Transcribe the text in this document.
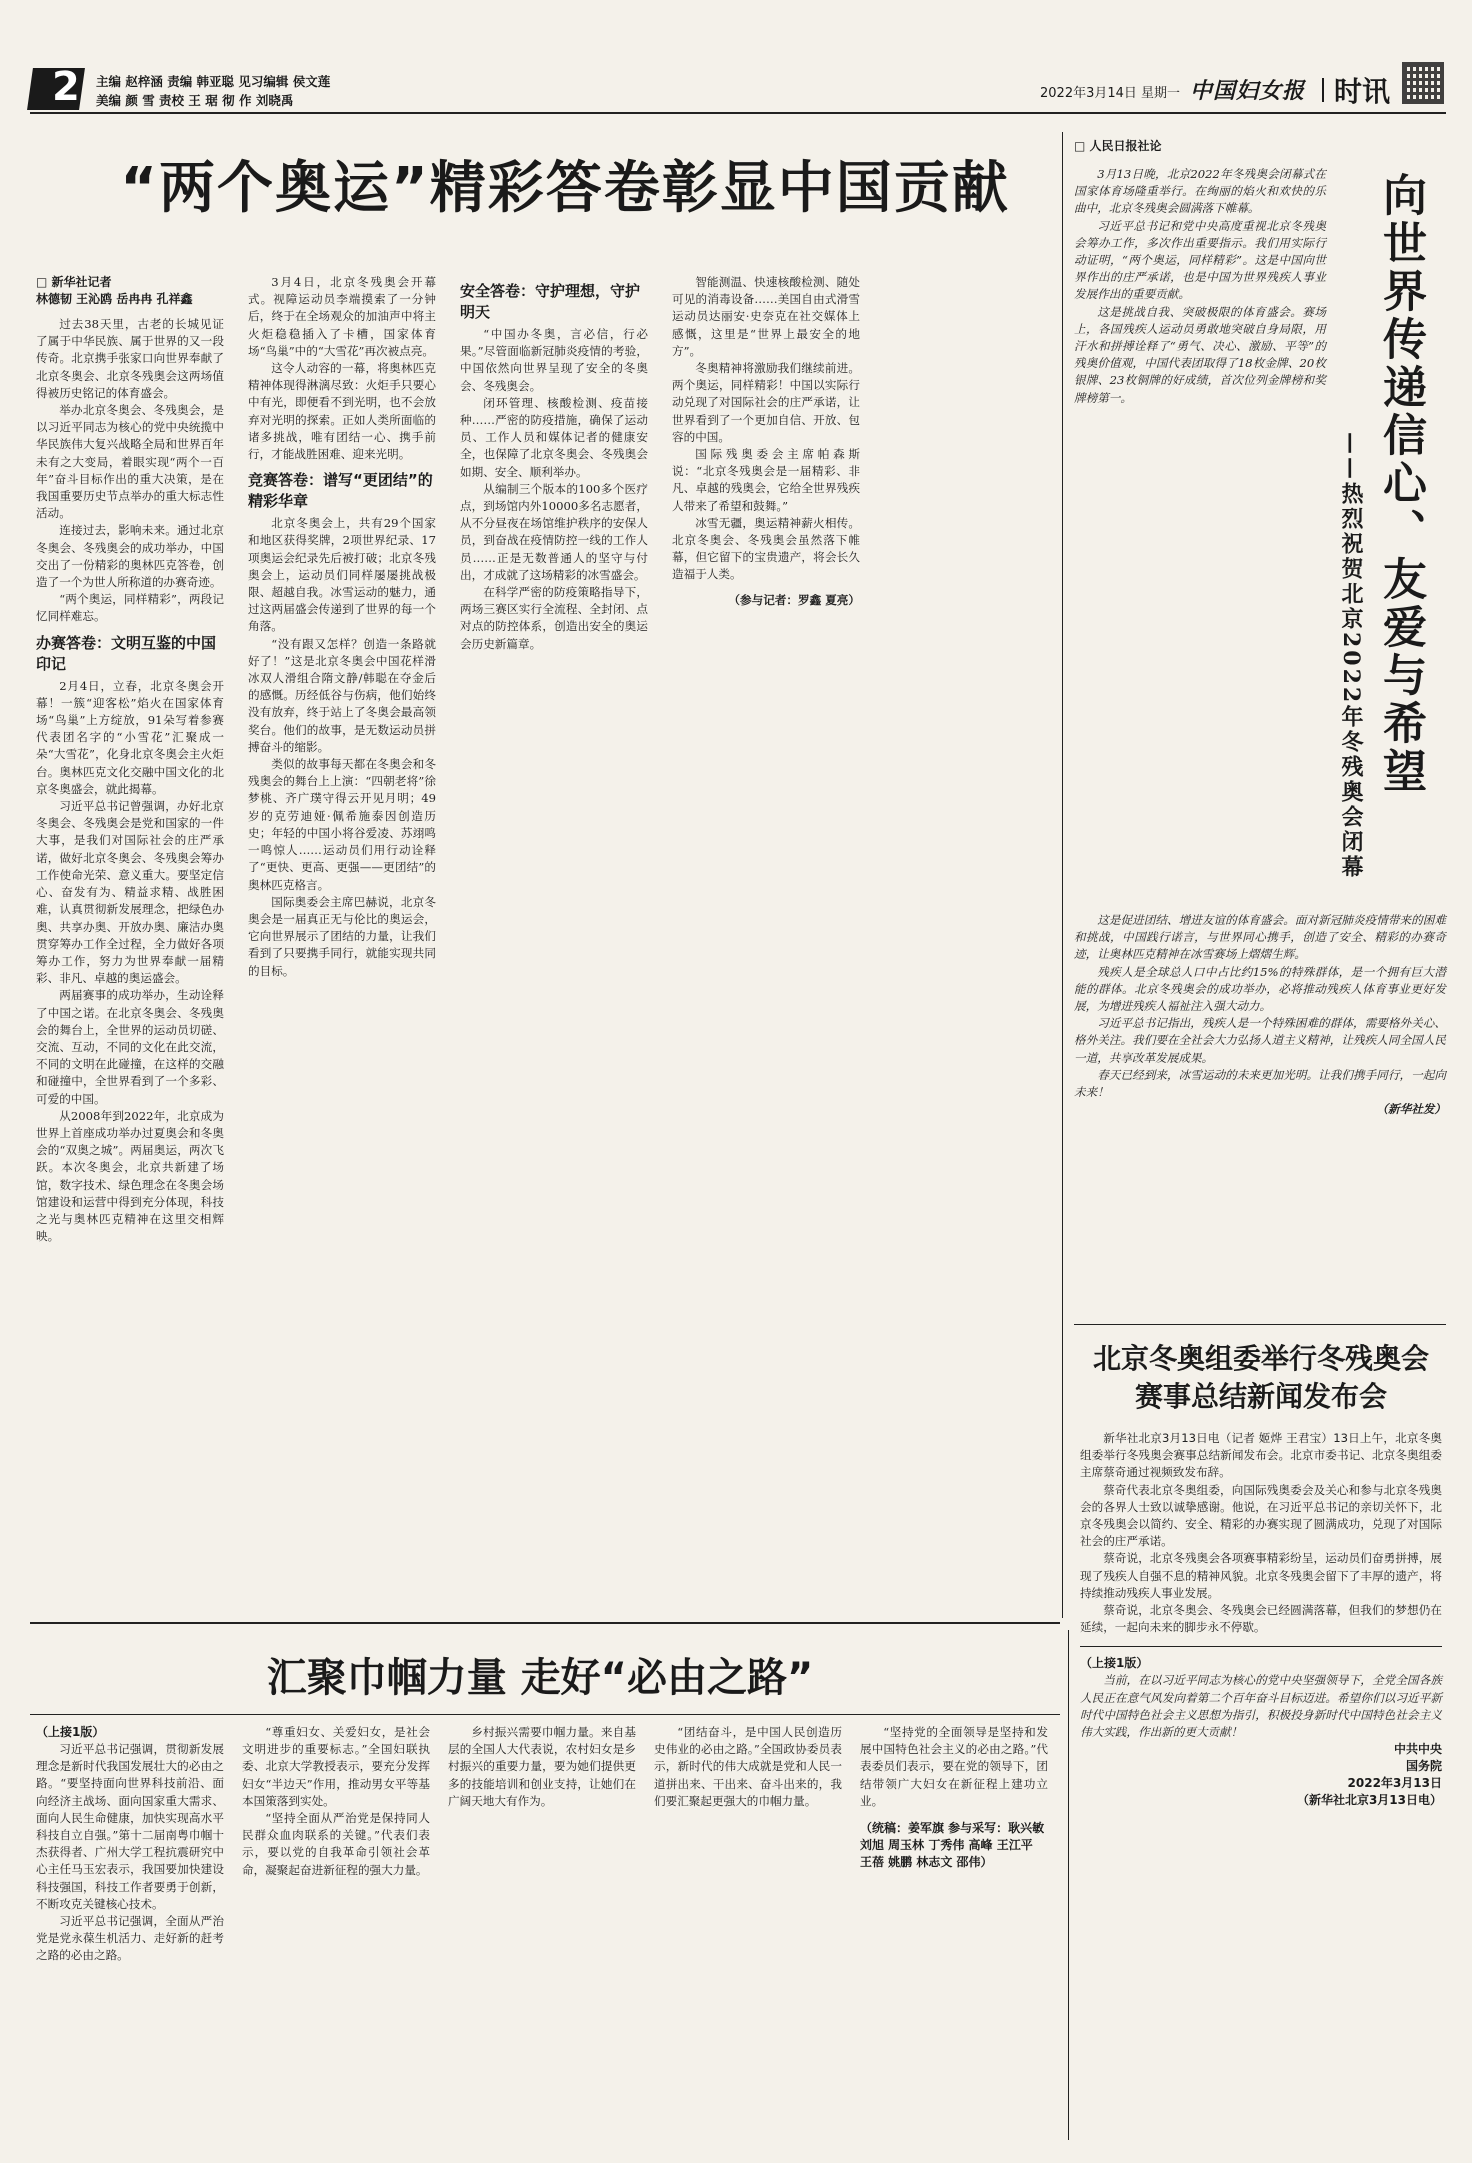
2 主编 赵梓涵 责编 韩亚聪 见习编辑 侯文莲
美编 颜 雪 责校 王 琚 彻 作 刘晓禹	2022年3月14日 星期一 中国妇女报 时讯
“两个奥运”精彩答卷彰显中国贡献
□ 新华社记者
林德韧 王沁鸥 岳冉冉 孔祥鑫
过去38天里，古老的长城见证了属于中华民族、属于世界的又一段传奇。北京携手张家口向世界奉献了北京冬奥会、北京冬残奥会这两场值得被历史铭记的体育盛会。
举办北京冬奥会、冬残奥会，是以习近平同志为核心的党中央统揽中华民族伟大复兴战略全局和世界百年未有之大变局，着眼实现“两个一百年”奋斗目标作出的重大决策，是在我国重要历史节点举办的重大标志性活动。
连接过去，影响未来。通过北京冬奥会、冬残奥会的成功举办，中国交出了一份精彩的奥林匹克答卷，创造了一个为世人所称道的办赛奇迹。
“两个奥运，同样精彩”，两段记忆同样难忘。
办赛答卷：文明互鉴的中国印记
2月4日，立春，北京冬奥会开幕！一簇“迎客松”焰火在国家体育场“鸟巢”上方绽放，91朵写着参赛代表团名字的“小雪花”汇聚成一朵“大雪花”，化身北京冬奥会主火炬台。奥林匹克文化交融中国文化的北京冬奥盛会，就此揭幕。
习近平总书记曾强调，办好北京冬奥会、冬残奥会是党和国家的一件大事，是我们对国际社会的庄严承诺，做好北京冬奥会、冬残奥会筹办工作使命光荣、意义重大。要坚定信心、奋发有为、精益求精、战胜困难，认真贯彻新发展理念，把绿色办奥、共享办奥、开放办奥、廉洁办奥贯穿筹办工作全过程，全力做好各项筹办工作，努力为世界奉献一届精彩、非凡、卓越的奥运盛会。
两届赛事的成功举办，生动诠释了中国之诺。在北京冬奥会、冬残奥会的舞台上，全世界的运动员切磋、交流、互动，不同的文化在此交流，不同的文明在此碰撞，在这样的交融和碰撞中，全世界看到了一个多彩、可爱的中国。
从2008年到2022年，北京成为世界上首座成功举办过夏奥会和冬奥会的“双奥之城”。两届奥运，两次飞跃。本次冬奥会，北京共新建了场馆，数字技术、绿色理念在冬奥会场馆建设和运营中得到充分体现，科技之光与奥林匹克精神在这里交相辉映。
3月4日，北京冬残奥会开幕式。视障运动员李端摸索了一分钟后，终于在全场观众的加油声中将主火炬稳稳插入了卡槽，国家体育场“鸟巢”中的“大雪花”再次被点亮。
这令人动容的一幕，将奥林匹克精神体现得淋漓尽致：火炬手只要心中有光，即便看不到光明，也不会放弃对光明的探索。正如人类所面临的诸多挑战，唯有团结一心、携手前行，才能战胜困难、迎来光明。
竞赛答卷：谱写“更团结”的精彩华章
北京冬奥会上，共有29个国家和地区获得奖牌，2项世界纪录、17项奥运会纪录先后被打破；北京冬残奥会上，运动员们同样屡屡挑战极限、超越自我。冰雪运动的魅力，通过这两届盛会传递到了世界的每一个角落。
“没有跟又怎样？创造一条路就好了！”这是北京冬奥会中国花样滑冰双人滑组合隋文静/韩聪在夺金后的感慨。历经低谷与伤病，他们始终没有放弃，终于站上了冬奥会最高领奖台。他们的故事，是无数运动员拼搏奋斗的缩影。
类似的故事每天都在冬奥会和冬残奥会的舞台上上演：“四朝老将”徐梦桃、齐广璞守得云开见月明；49岁的克劳迪娅·佩希施泰因创造历史；年轻的中国小将谷爱凌、苏翊鸣一鸣惊人……运动员们用行动诠释了“更快、更高、更强——更团结”的奥林匹克格言。
国际奥委会主席巴赫说，北京冬奥会是一届真正无与伦比的奥运会，它向世界展示了团结的力量，让我们看到了只要携手同行，就能实现共同的目标。
安全答卷：守护理想，守护明天
“中国办冬奥，言必信，行必果。”尽管面临新冠肺炎疫情的考验，中国依然向世界呈现了安全的冬奥会、冬残奥会。
闭环管理、核酸检测、疫苗接种……严密的防疫措施，确保了运动员、工作人员和媒体记者的健康安全，也保障了北京冬奥会、冬残奥会如期、安全、顺利举办。
从编制三个版本的100多个医疗点，到场馆内外10000多名志愿者，从不分昼夜在场馆维护秩序的安保人员，到奋战在疫情防控一线的工作人员……正是无数普通人的坚守与付出，才成就了这场精彩的冰雪盛会。
在科学严密的防疫策略指导下，两场三赛区实行全流程、全封闭、点对点的防控体系，创造出安全的奥运会历史新篇章。
智能测温、快速核酸检测、随处可见的消毒设备……美国自由式滑雪运动员达丽安·史奈克在社交媒体上感慨，这里是“世界上最安全的地方”。
冬奥精神将激励我们继续前进。两个奥运，同样精彩！中国以实际行动兑现了对国际社会的庄严承诺，让世界看到了一个更加自信、开放、包容的中国。
国际残奥委会主席帕森斯说：“北京冬残奥会是一届精彩、非凡、卓越的残奥会，它给全世界残疾人带来了希望和鼓舞。”
冰雪无疆，奥运精神薪火相传。北京冬奥会、冬残奥会虽然落下帷幕，但它留下的宝贵遗产，将会长久造福于人类。
（参与记者：罗鑫 夏亮）
□ 人民日报社论
向世界传递信心、友爱与希望
——热烈祝贺北京2022年冬残奥会闭幕
3月13日晚，北京2022年冬残奥会闭幕式在国家体育场隆重举行。在绚丽的焰火和欢快的乐曲中，北京冬残奥会圆满落下帷幕。
习近平总书记和党中央高度重视北京冬残奥会筹办工作，多次作出重要指示。我们用实际行动证明，“两个奥运，同样精彩”。这是中国向世界作出的庄严承诺，也是中国为世界残疾人事业发展作出的重要贡献。
这是挑战自我、突破极限的体育盛会。赛场上，各国残疾人运动员勇敢地突破自身局限，用汗水和拼搏诠释了“勇气、决心、激励、平等”的残奥价值观，中国代表团取得了18枚金牌、20枚银牌、23枚铜牌的好成绩，首次位列金牌榜和奖牌榜第一。
这是促进团结、增进友谊的体育盛会。面对新冠肺炎疫情带来的困难和挑战，中国践行诺言，与世界同心携手，创造了安全、精彩的办赛奇迹，让奥林匹克精神在冰雪赛场上熠熠生辉。
残疾人是全球总人口中占比约15%的特殊群体，是一个拥有巨大潜能的群体。北京冬残奥会的成功举办，必将推动残疾人体育事业更好发展，为增进残疾人福祉注入强大动力。
习近平总书记指出，残疾人是一个特殊困难的群体，需要格外关心、格外关注。我们要在全社会大力弘扬人道主义精神，让残疾人同全国人民一道，共享改革发展成果。
春天已经到来，冰雪运动的未来更加光明。让我们携手同行，一起向未来！
（新华社发）
北京冬奥组委举行冬残奥会赛事总结新闻发布会
新华社北京3月13日电（记者 姬烨 王君宝）13日上午，北京冬奥组委举行冬残奥会赛事总结新闻发布会。北京市委书记、北京冬奥组委主席蔡奇通过视频致发布辞。
蔡奇代表北京冬奥组委，向国际残奥委会及关心和参与北京冬残奥会的各界人士致以诚挚感谢。他说，在习近平总书记的亲切关怀下，北京冬残奥会以简约、安全、精彩的办赛实现了圆满成功，兑现了对国际社会的庄严承诺。
蔡奇说，北京冬残奥会各项赛事精彩纷呈，运动员们奋勇拼搏，展现了残疾人自强不息的精神风貌。北京冬残奥会留下了丰厚的遗产，将持续推动残疾人事业发展。
蔡奇说，北京冬奥会、冬残奥会已经圆满落幕，但我们的梦想仍在延续，一起向未来的脚步永不停歇。
（上接1版）
当前，在以习近平同志为核心的党中央坚强领导下，全党全国各族人民正在意气风发向着第二个百年奋斗目标迈进。希望你们以习近平新时代中国特色社会主义思想为指引，积极投身新时代中国特色社会主义伟大实践，作出新的更大贡献！
中共中央
国务院
2022年3月13日
（新华社北京3月13日电）
汇聚巾帼力量 走好“必由之路”
（上接1版）
习近平总书记强调，贯彻新发展理念是新时代我国发展壮大的必由之路。“要坚持面向世界科技前沿、面向经济主战场、面向国家重大需求、面向人民生命健康，加快实现高水平科技自立自强。”第十二届南粤巾帼十杰获得者、广州大学工程抗震研究中心主任马玉宏表示，我国要加快建设科技强国，科技工作者要勇于创新，不断攻克关键核心技术。
习近平总书记强调，全面从严治党是党永葆生机活力、走好新的赶考之路的必由之路。
“尊重妇女、关爱妇女，是社会文明进步的重要标志。”全国妇联执委、北京大学教授表示，要充分发挥妇女“半边天”作用，推动男女平等基本国策落到实处。
“坚持全面从严治党是保持同人民群众血肉联系的关键。”代表们表示，要以党的自我革命引领社会革命，凝聚起奋进新征程的强大力量。
乡村振兴需要巾帼力量。来自基层的全国人大代表说，农村妇女是乡村振兴的重要力量，要为她们提供更多的技能培训和创业支持，让她们在广阔天地大有作为。
“团结奋斗，是中国人民创造历史伟业的必由之路。”全国政协委员表示，新时代的伟大成就是党和人民一道拼出来、干出来、奋斗出来的，我们要汇聚起更强大的巾帼力量。
“坚持党的全面领导是坚持和发展中国特色社会主义的必由之路。”代表委员们表示，要在党的领导下，团结带领广大妇女在新征程上建功立业。
（统稿：姜军旗 参与采写：耿兴敏 刘旭 周玉林 丁秀伟 高峰 王江平 王蓓 姚鹏 林志文 邵伟）
